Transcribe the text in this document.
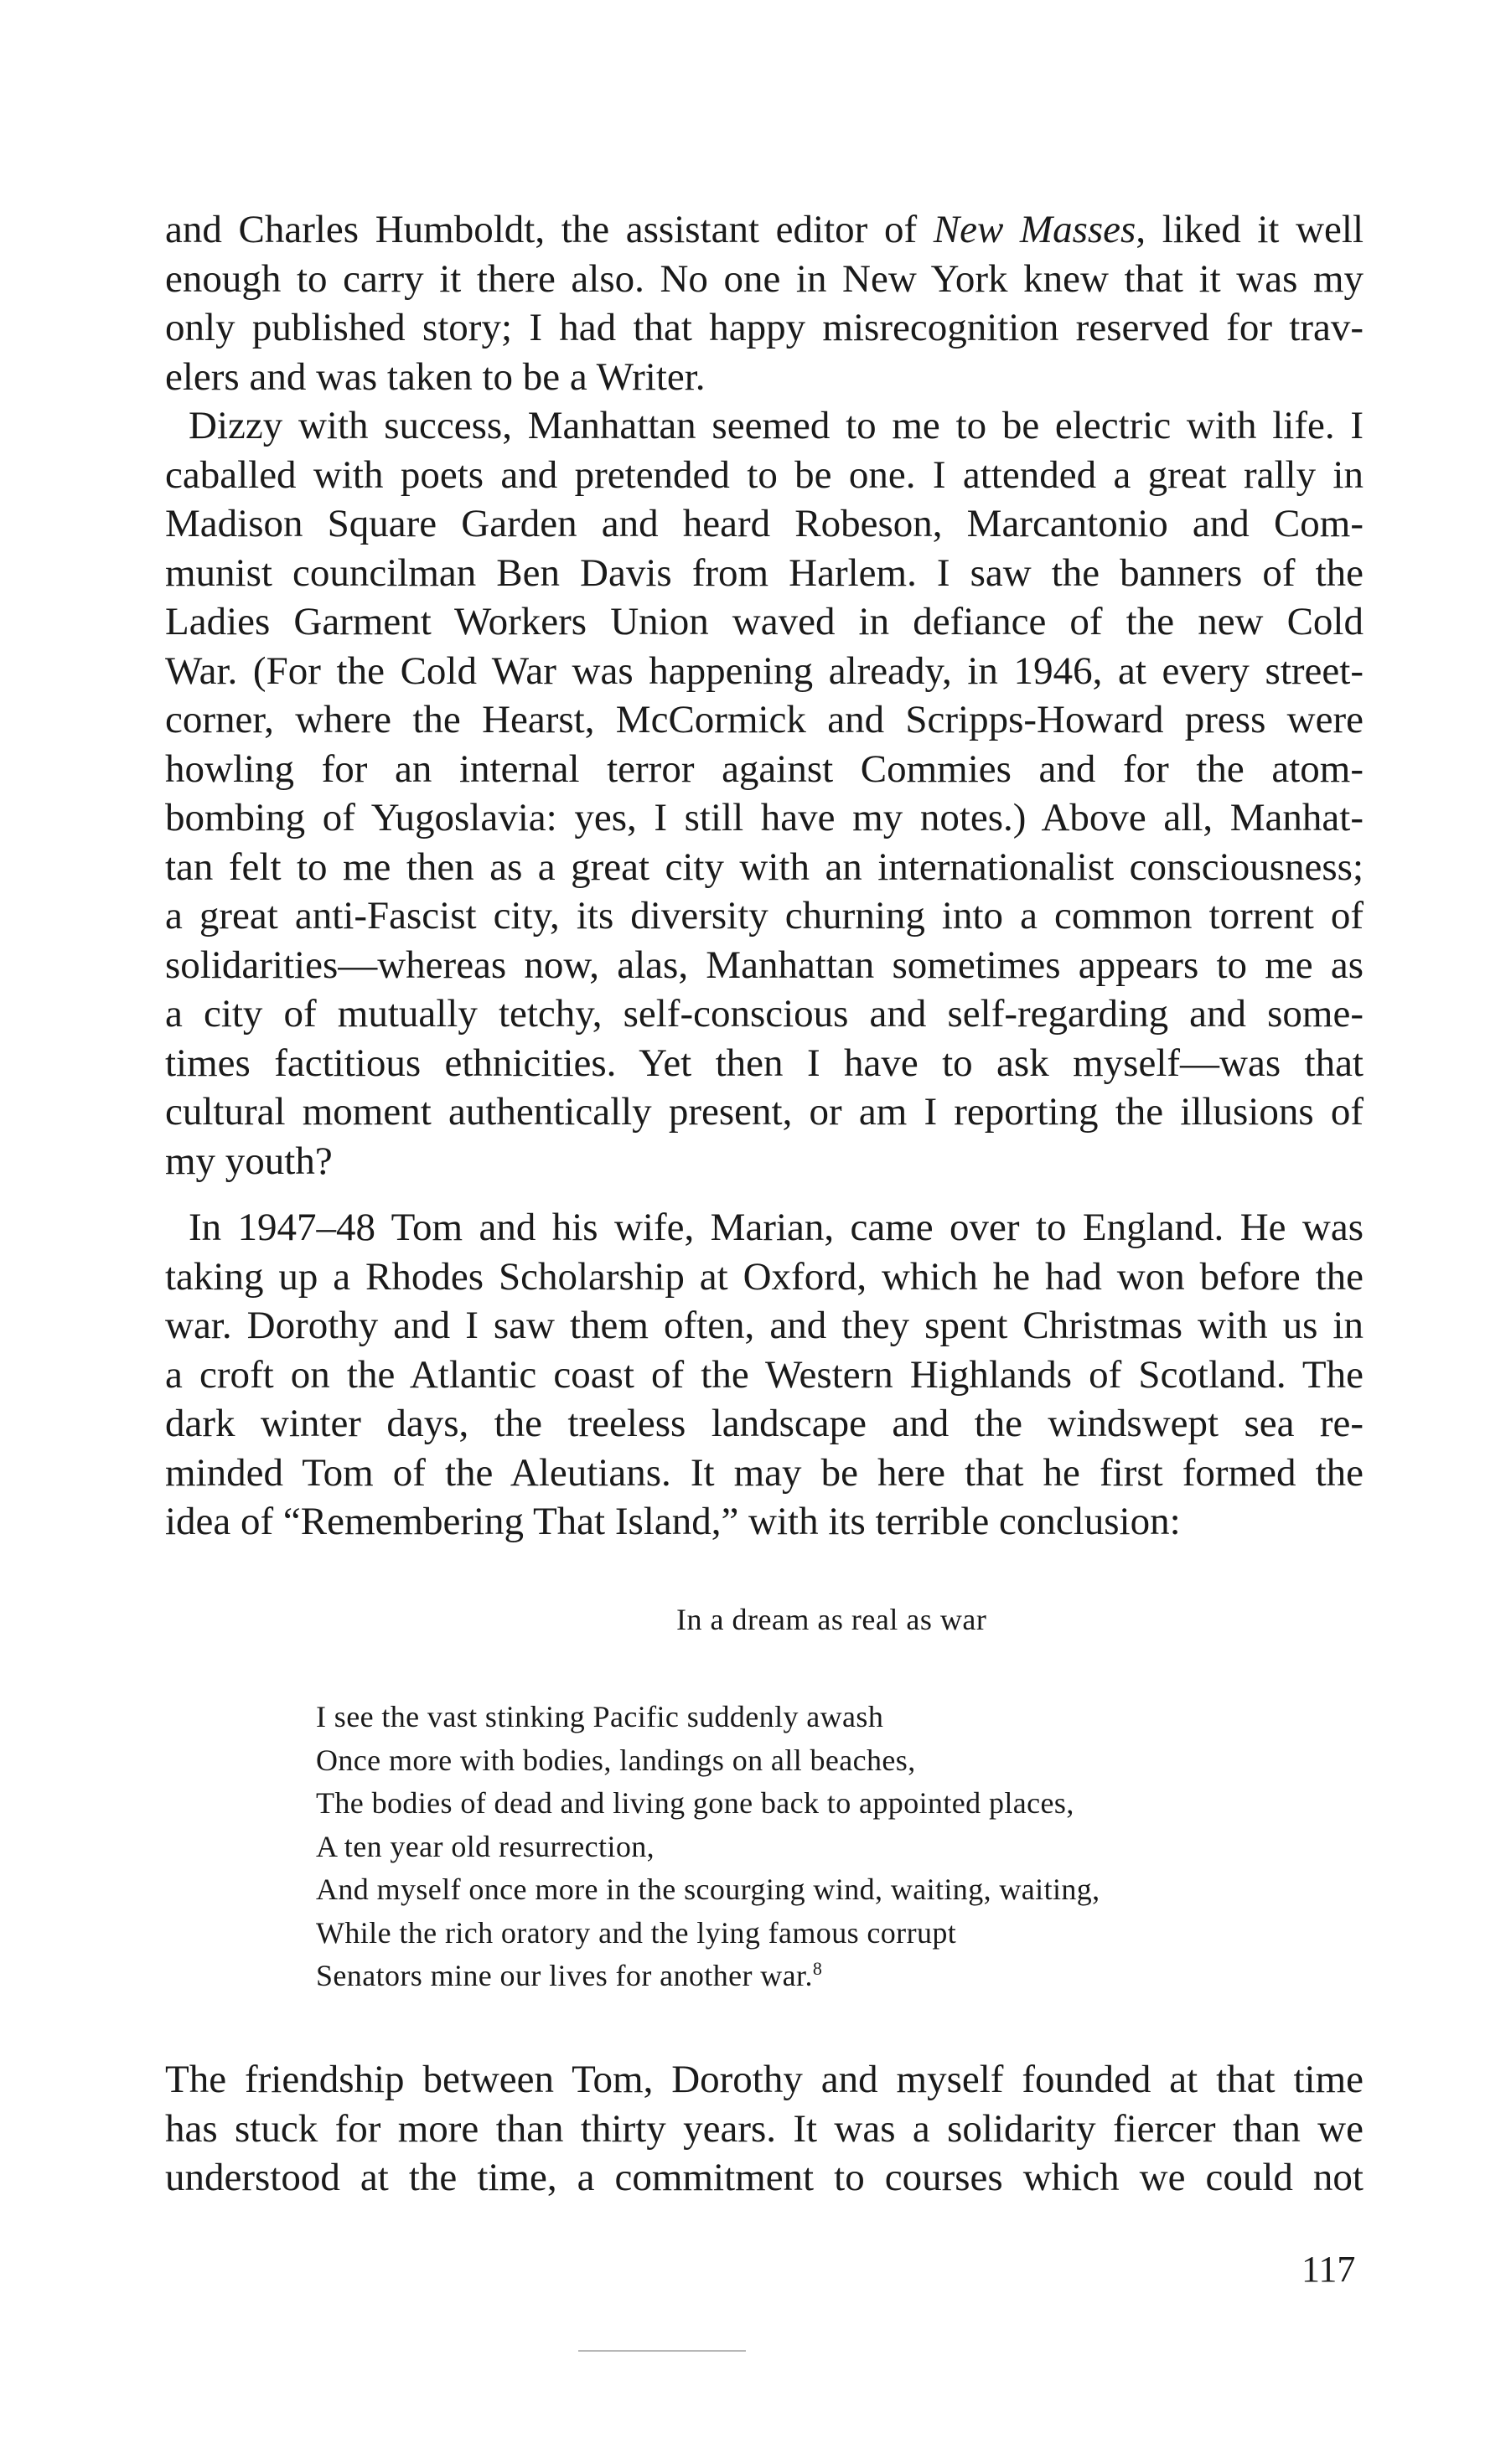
and Charles Humboldt, the assistant editor of New Masses, liked it well
enough to carry it there also. No one in New York knew that it was my
only published story; I had that happy misrecognition reserved for trav-
elers and was taken to be a Writer.
Dizzy with success, Manhattan seemed to me to be electric with life. I
caballed with poets and pretended to be one. I attended a great rally in
Madison Square Garden and heard Robeson, Marcantonio and Com-
munist councilman Ben Davis from Harlem. I saw the banners of the
Ladies Garment Workers Union waved in defiance of the new Cold
War. (For the Cold War was happening already, in 1946, at every street-
corner, where the Hearst, McCormick and Scripps-Howard press were
howling for an internal terror against Commies and for the atom-
bombing of Yugoslavia: yes, I still have my notes.) Above all, Manhat-
tan felt to me then as a great city with an internationalist consciousness;
a great anti-Fascist city, its diversity churning into a common torrent of
solidarities—whereas now, alas, Manhattan sometimes appears to me as
a city of mutually tetchy, self-conscious and self-regarding and some-
times factitious ethnicities. Yet then I have to ask myself—was that
cultural moment authentically present, or am I reporting the illusions of
my youth?
In 1947–48 Tom and his wife, Marian, came over to England. He was
taking up a Rhodes Scholarship at Oxford, which he had won before the
war. Dorothy and I saw them often, and they spent Christmas with us in
a croft on the Atlantic coast of the Western Highlands of Scotland. The
dark winter days, the treeless landscape and the windswept sea re-
minded Tom of the Aleutians. It may be here that he first formed the
idea of “Remembering That Island,” with its terrible conclusion:
In a dream as real as war
I see the vast stinking Pacific suddenly awash
Once more with bodies, landings on all beaches,
The bodies of dead and living gone back to appointed places,
A ten year old resurrection,
And myself once more in the scourging wind, waiting, waiting,
While the rich oratory and the lying famous corrupt
Senators mine our lives for another war.$^8$
The friendship between Tom, Dorothy and myself founded at that time
has stuck for more than thirty years. It was a solidarity fiercer than we
understood at the time, a commitment to courses which we could not
117
